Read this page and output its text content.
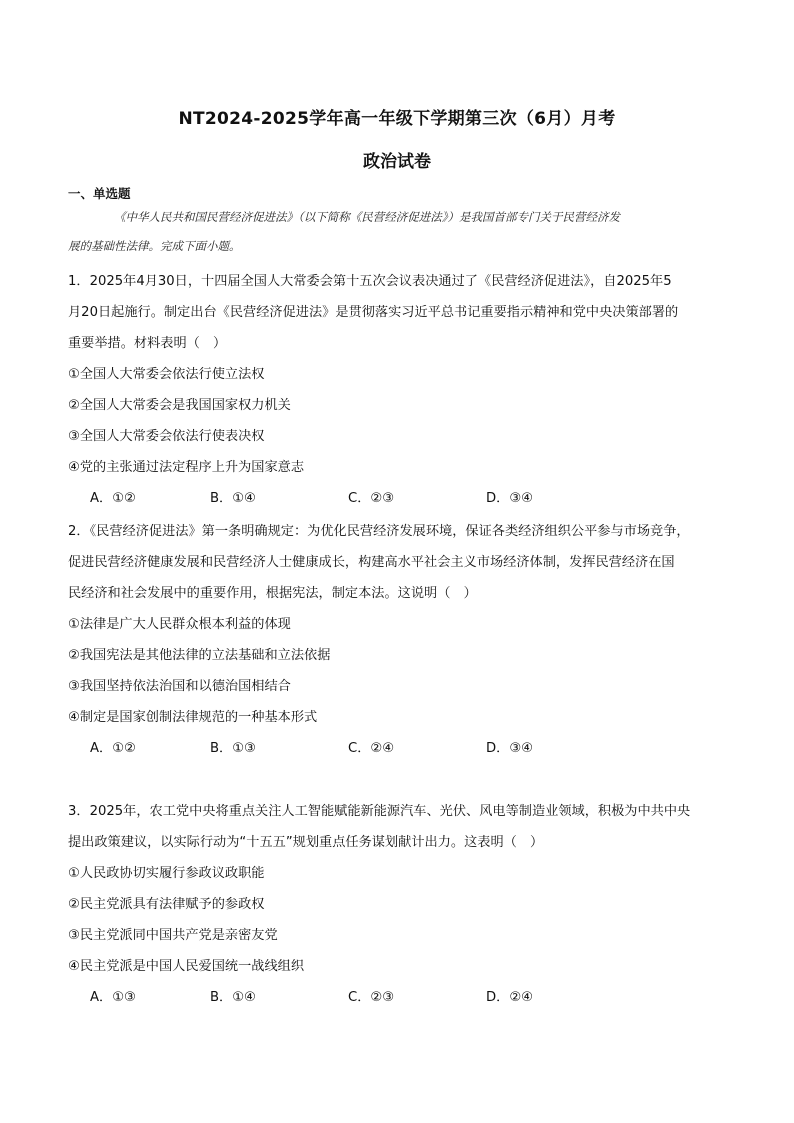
NT2024-2025学年高一年级下学期第三次（6月）月考
政治试卷
一、单选题
《中华人民共和国民营经济促进法》（以下简称《民营经济促进法》）是我国首部专门关于民营经济发
展的基础性法律。完成下面小题。
1．2025年4月30日，十四届全国人大常委会第十五次会议表决通过了《民营经济促进法》，自2025年5
月20日起施行。制定出台《民营经济促进法》是贯彻落实习近平总书记重要指示精神和党中央决策部署的
重要举措。材料表明（　）
①全国人大常委会依法行使立法权
②全国人大常委会是我国国家权力机关
③全国人大常委会依法行使表决权
④党的主张通过法定程序上升为国家意志
A．①②	B．①④	C．②③	D．③④
2．《民营经济促进法》第一条明确规定：为优化民营经济发展环境，保证各类经济组织公平参与市场竞争，
促进民营经济健康发展和民营经济人士健康成长，构建高水平社会主义市场经济体制，发挥民营经济在国
民经济和社会发展中的重要作用，根据宪法，制定本法。这说明（　）
①法律是广大人民群众根本利益的体现
②我国宪法是其他法律的立法基础和立法依据
③我国坚持依法治国和以德治国相结合
④制定是国家创制法律规范的一种基本形式
A．①②	B．①③	C．②④	D．③④
3．2025年，农工党中央将重点关注人工智能赋能新能源汽车、光伏、风电等制造业领域，积极为中共中央
提出政策建议，以实际行动为“十五五”规划重点任务谋划献计出力。这表明（　）
①人民政协切实履行参政议政职能
②民主党派具有法律赋予的参政权
③民主党派同中国共产党是亲密友党
④民主党派是中国人民爱国统一战线组织
A．①③	B．①④	C．②③	D．②④
